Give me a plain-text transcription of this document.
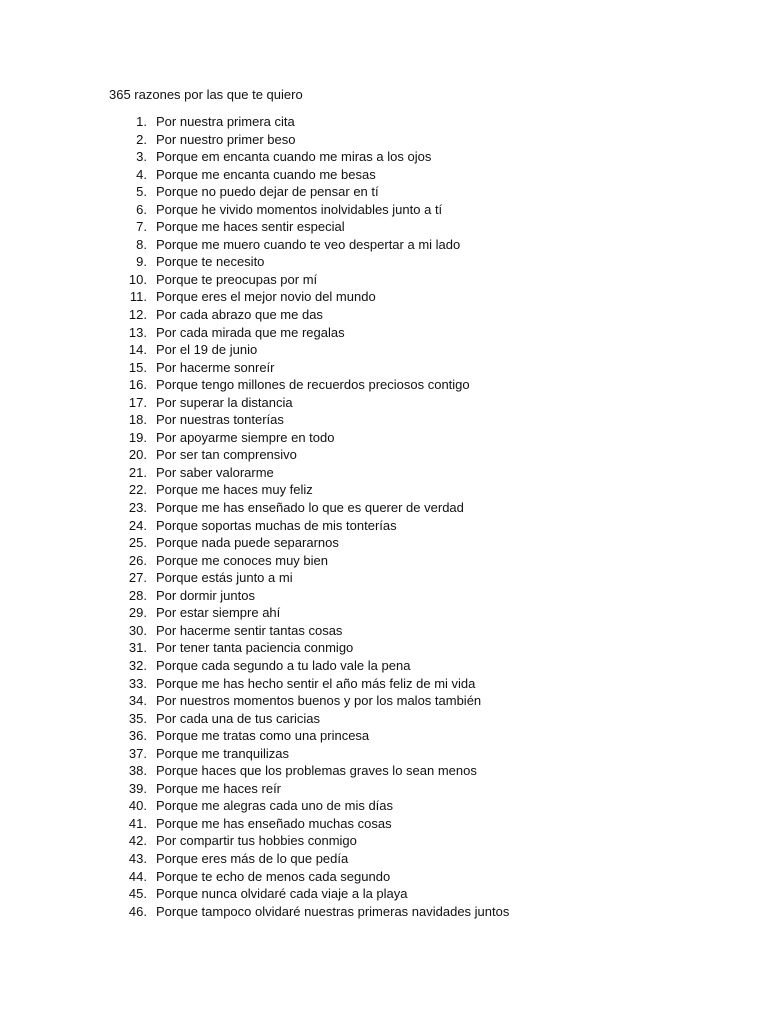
365 razones por las que te quiero
1. Por nuestra primera cita
2. Por nuestro primer beso
3. Porque em encanta cuando me miras a los ojos
4. Porque me encanta cuando me besas
5. Porque no puedo dejar de pensar en tí
6. Porque he vivido momentos inolvidables junto a tí
7. Porque me haces sentir especial
8. Porque me muero cuando te veo despertar a mi lado
9. Porque te necesito
10. Porque te preocupas por mí
11. Porque eres el mejor novio del mundo
12. Por cada abrazo que me das
13. Por cada mirada que me regalas
14. Por el 19 de junio
15. Por hacerme sonreír
16. Porque tengo millones de recuerdos preciosos contigo
17. Por superar la distancia
18. Por nuestras tonterías
19. Por apoyarme siempre en todo
20. Por ser tan comprensivo
21. Por saber valorarme
22. Porque me haces muy feliz
23. Porque me has enseñado lo que es querer de verdad
24. Porque soportas muchas de mis tonterías
25. Porque nada puede separarnos
26. Porque me conoces muy bien
27. Porque estás junto a mi
28. Por dormir juntos
29. Por estar siempre ahí
30. Por hacerme sentir tantas cosas
31. Por tener tanta paciencia conmigo
32. Porque cada segundo a tu lado vale la pena
33. Porque me has hecho sentir el año más feliz de mi vida
34. Por nuestros momentos buenos y por los malos también
35. Por cada una de tus caricias
36. Porque me tratas como una princesa
37. Porque me tranquilizas
38. Porque haces que los problemas graves lo sean menos
39. Porque me haces reír
40. Porque me alegras cada uno de mis días
41. Porque me has enseñado muchas cosas
42. Por compartir tus hobbies conmigo
43. Porque eres más de lo que pedía
44. Porque te echo de menos cada segundo
45. Porque nunca olvidaré cada viaje a la playa
46. Porque tampoco olvidaré nuestras primeras navidades juntos
